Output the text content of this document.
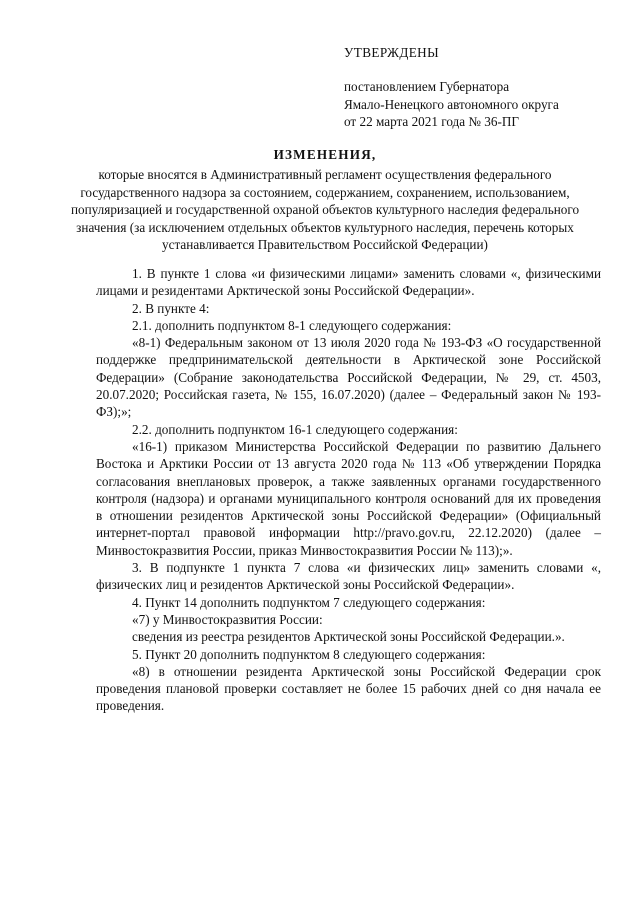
УТВЕРЖДЕНЫ
постановлением Губернатора
Ямало-Ненецкого автономного округа
от 22 марта 2021 года № 36-ПГ
ИЗМЕНЕНИЯ,
которые вносятся в Административный регламент осуществления федерального государственного надзора за состоянием, содержанием, сохранением, использованием, популяризацией и государственной охраной объектов культурного наследия федерального значения (за исключением отдельных объектов культурного наследия, перечень которых устанавливается Правительством Российской Федерации)

1. В пункте 1 слова «и физическими лицами» заменить словами «, физическими лицами и резидентами Арктической зоны Российской Федерации».

2. В пункте 4:

2.1. дополнить подпунктом 8-1 следующего содержания:

«8-1) Федеральным законом от 13 июля 2020 года № 193-ФЗ «О государственной поддержке предпринимательской деятельности в Арктической зоне Российской Федерации» (Собрание законодательства Российской Федерации, № 29, ст. 4503, 20.07.2020; Российская газета, № 155, 16.07.2020) (далее – Федеральный закон № 193-ФЗ);»;

2.2. дополнить подпунктом 16-1 следующего содержания:

«16-1) приказом Министерства Российской Федерации по развитию Дальнего Востока и Арктики России от 13 августа 2020 года № 113 «Об утверждении Порядка согласования внеплановых проверок, а также заявленных органами государственного контроля (надзора) и органами муниципального контроля оснований для их проведения в отношении резидентов Арктической зоны Российской Федерации» (Официальный интернет-портал правовой информации http://pravo.gov.ru, 22.12.2020) (далее – Минвостокразвития России, приказ Минвостокразвития России № 113);».

3. В подпункте 1 пункта 7 слова «и физических лиц» заменить словами «, физических лиц и резидентов Арктической зоны Российской Федерации».

4. Пункт 14 дополнить подпунктом 7 следующего содержания:

«7) у Минвостокразвития России:

сведения из реестра резидентов Арктической зоны Российской Федерации.».

5. Пункт 20 дополнить подпунктом 8 следующего содержания:

«8) в отношении резидента Арктической зоны Российской Федерации срок проведения плановой проверки составляет не более 15 рабочих дней со дня начала ее проведения.
